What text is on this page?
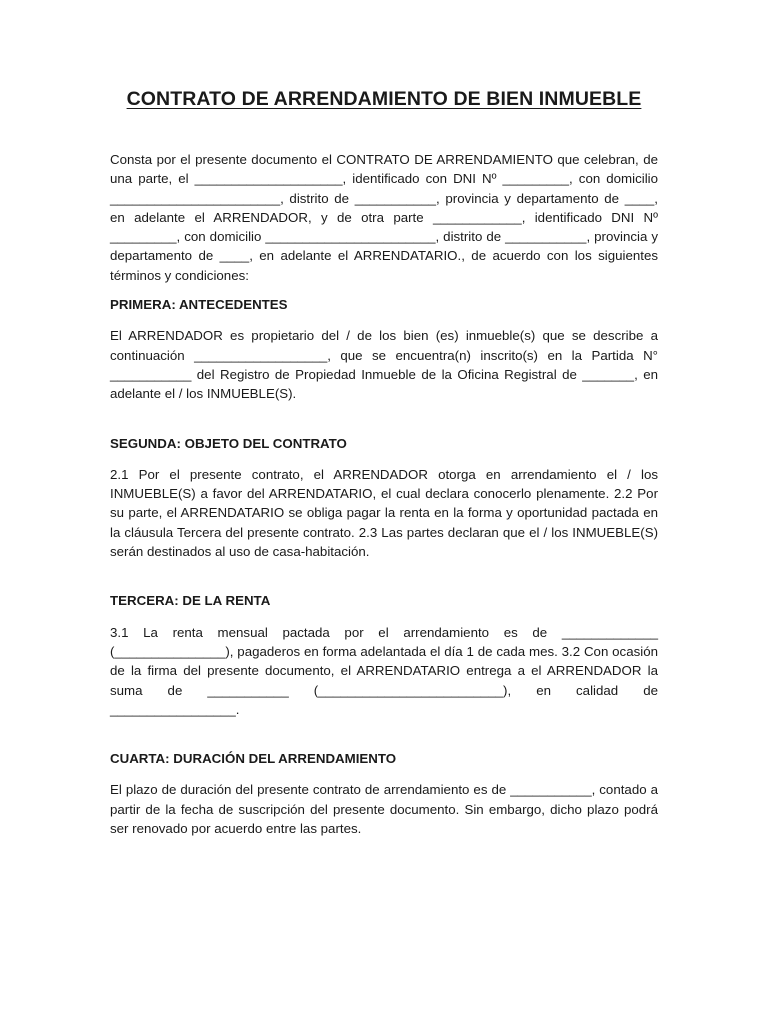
CONTRATO DE ARRENDAMIENTO DE BIEN INMUEBLE

Consta por el presente documento el CONTRATO DE ARRENDAMIENTO que celebran, de una parte, el ____________________, identificado con DNI Nº _________, con domicilio _______________________, distrito de ___________, provincia y departamento de ____, en adelante el ARRENDADOR, y de otra parte ____________, identificado DNI Nº _________, con domicilio _______________________, distrito de ___________, provincia y departamento de ____, en adelante el ARRENDATARIO., de acuerdo con los siguientes términos y condiciones:

PRIMERA: ANTECEDENTES

El ARRENDADOR es propietario del / de los bien (es) inmueble(s) que se describe a continuación __________________, que se encuentra(n) inscrito(s) en la Partida N° ___________ del Registro de Propiedad Inmueble de la Oficina Registral de _______, en adelante el / los INMUEBLE(S).

SEGUNDA: OBJETO DEL CONTRATO

2.1 Por el presente contrato, el ARRENDADOR otorga en arrendamiento el / los INMUEBLE(S) a favor del ARRENDATARIO, el cual declara conocerlo plenamente. 2.2 Por su parte, el ARRENDATARIO se obliga pagar la renta en la forma y oportunidad pactada en la cláusula Tercera del presente contrato. 2.3 Las partes declaran que el / los INMUEBLE(S) serán destinados al uso de casa-habitación.

TERCERA: DE LA RENTA

3.1 La renta mensual pactada por el arrendamiento es de _____________ (_______________), pagaderos en forma adelantada el día 1 de cada mes. 3.2 Con ocasión de la firma del presente documento, el ARRENDATARIO entrega a el ARRENDADOR la suma de ___________ (_________________________), en calidad de _________________.

CUARTA: DURACIÓN DEL ARRENDAMIENTO

El plazo de duración del presente contrato de arrendamiento es de ___________, contado a partir de la fecha de suscripción del presente documento. Sin embargo, dicho plazo podrá ser renovado por acuerdo entre las partes.
